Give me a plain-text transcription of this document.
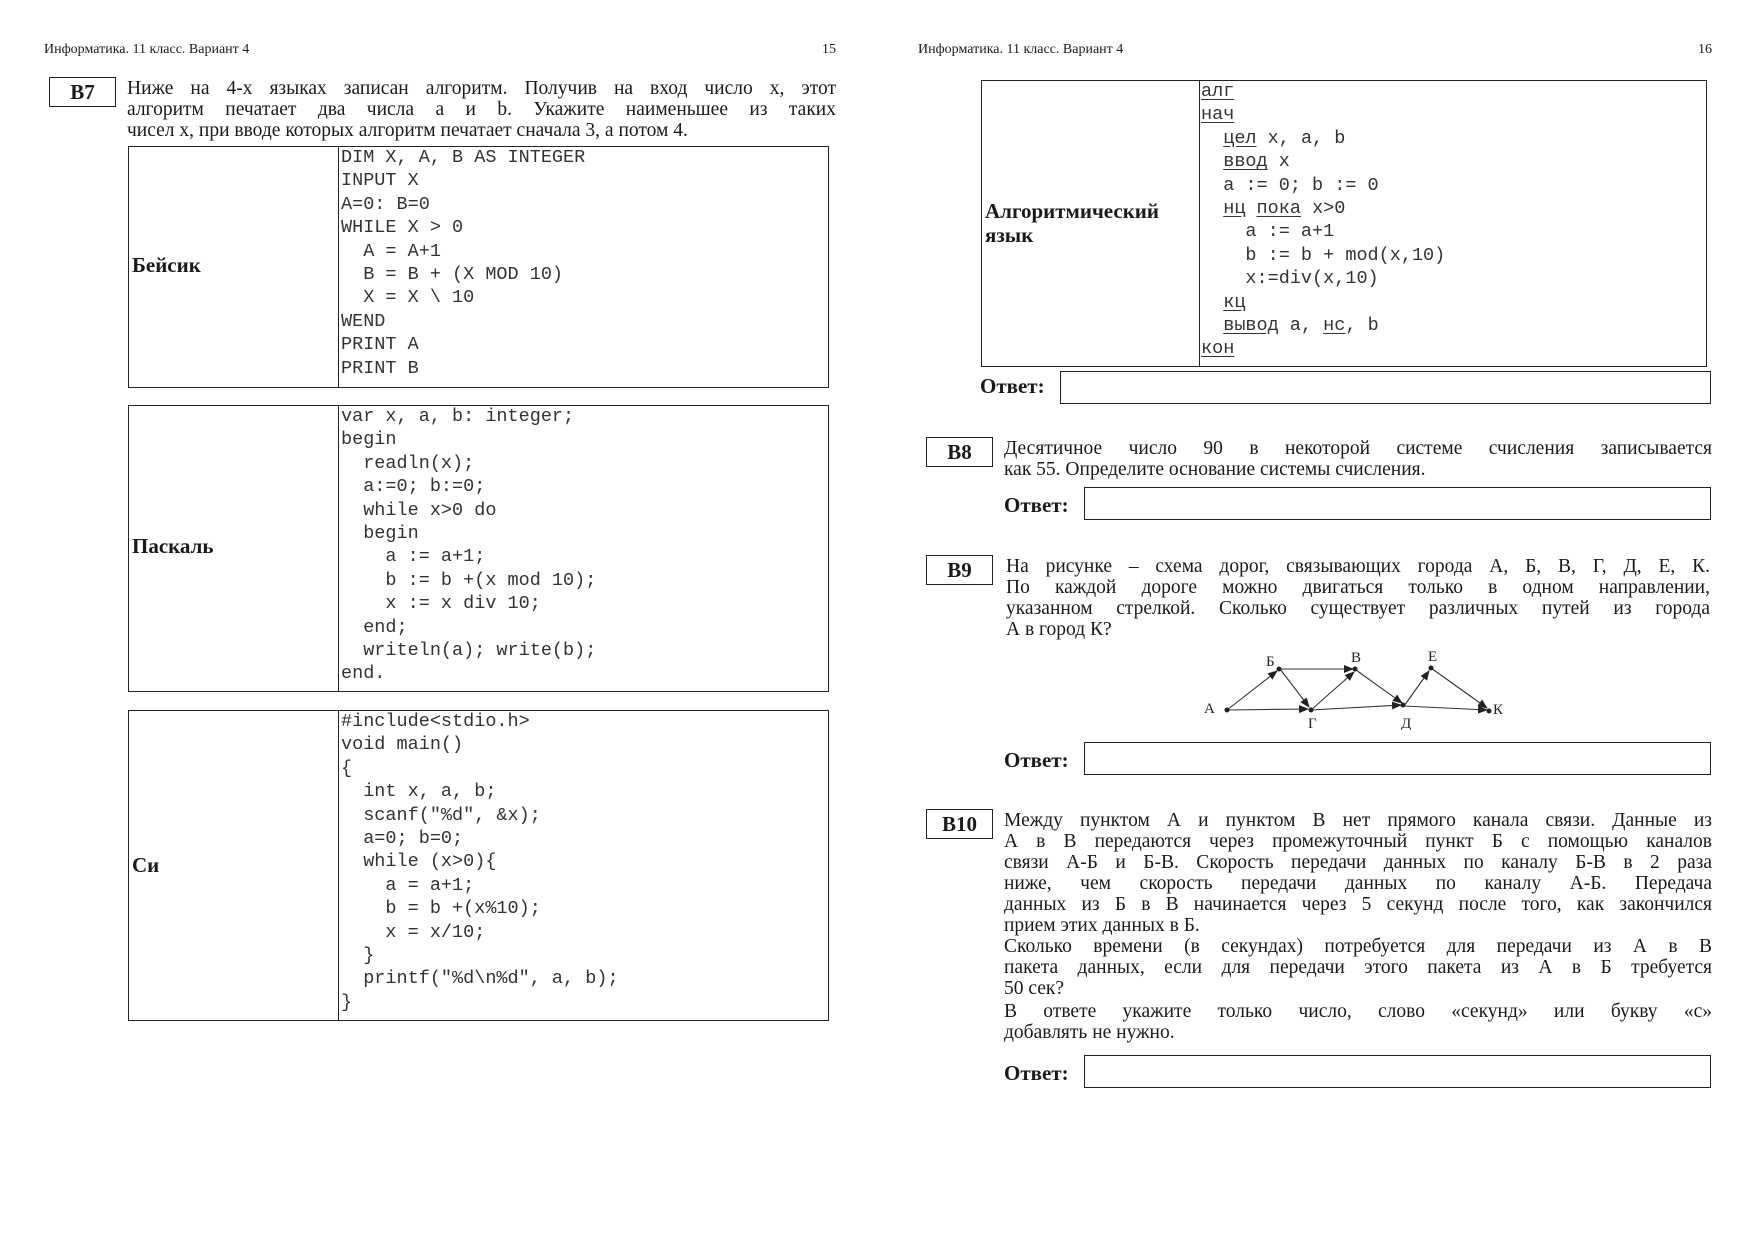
Информатика. 11 класс. Вариант 4	15	Информатика. 11 класс. Вариант 4	16
B7	Ниже на 4-х языках записан алгоритм. Получив на вход число x, этот
алгоритм печатает два числа a и b. Укажите наименьшее из таких
чисел x, при вводе которых алгоритм печатает сначала 3, а потом 4.
Бейсик
DIM X, A, B AS INTEGER
INPUT X
A=0: B=0
WHILE X > 0
A = A+1
B = B + (X MOD 10)
X = X \ 10
WEND
PRINT A
PRINT B
Паскаль
var x, a, b: integer;
begin
readln(x);
a:=0; b:=0;
while x>0 do
begin
a := a+1;
b := b +(x mod 10);
x := x div 10;
end;
writeln(a); write(b);
end.
Си
#include<stdio.h>
void main()
{
int x, a, b;
scanf("%d", &x);
a=0; b=0;
while (x>0){
a = a+1;
b = b +(x%10);
x = x/10;
}
printf("%d\n%d", a, b);
}
Алгоритмический
язык
алг
нач
цел x, a, b
ввод x
a := 0; b := 0
нц пока x>0
a := a+1
b := b + mod(x,10)
x:=div(x,10)
кц
вывод a, нс, b
кон
Ответ:
B8	Десятичное число 90 в некоторой системе счисления записывается
как 55. Определите основание системы счисления.
Ответ:
B9	На рисунке – схема дорог, связывающих города А, Б, В, Г, Д, Е, К.
По каждой дороге можно двигаться только в одном направлении,
указанном стрелкой. Сколько существует различных путей из города
А в город К?
А
Б	В
Г	Д
Е
К
Ответ:
B10	Между пунктом А и пунктом В нет прямого канала связи. Данные из
А в В передаются через промежуточный пункт Б с помощью каналов
связи А-Б и Б-В. Скорость передачи данных по каналу Б-В в 2 раза
ниже, чем скорость передачи данных по каналу А-Б. Передача
данных из Б в В начинается через 5 секунд после того, как закончился
прием этих данных в Б.
Сколько времени (в секундах) потребуется для передачи из А в В
пакета данных, если для передачи этого пакета из А в Б требуется
50 сек?
В ответе укажите только число, слово «секунд» или букву «с»
добавлять не нужно.
Ответ:
